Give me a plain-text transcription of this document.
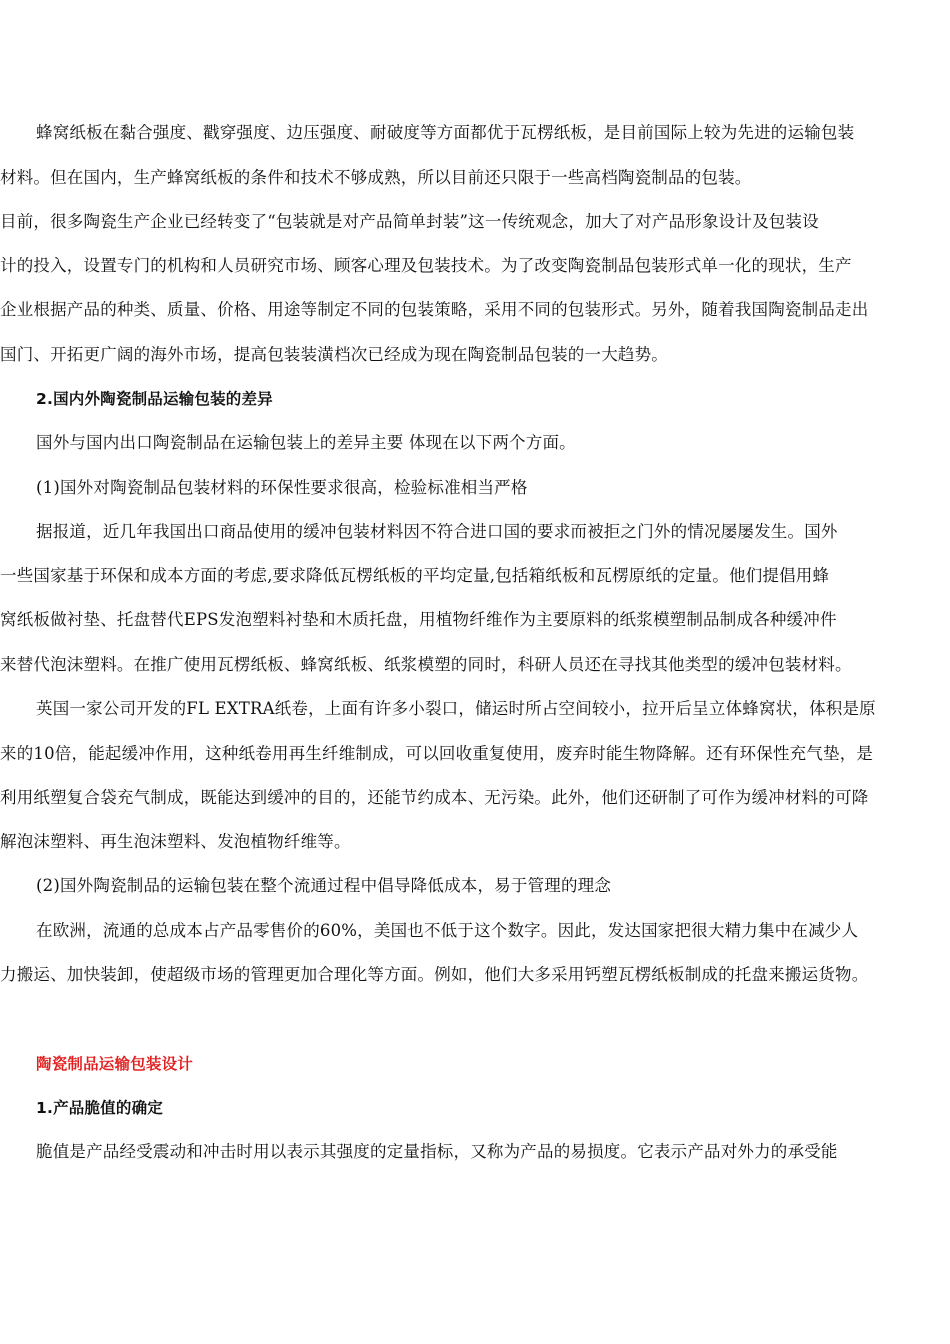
蜂窝纸板在黏合强度、戳穿强度、边压强度、耐破度等方面都优于瓦楞纸板，是目前国际上较为先进的运输包装
材料。但在国内，生产蜂窝纸板的条件和技术不够成熟，所以目前还只限于一些高档陶瓷制品的包装。
目前，很多陶瓷生产企业已经转变了“包装就是对产品简单封装”这一传统观念，加大了对产品形象设计及包装设
计的投入，设置专门的机构和人员研究市场、顾客心理及包装技术。为了改变陶瓷制品包装形式单一化的现状，生产
企业根据产品的种类、质量、价格、用途等制定不同的包装策略，采用不同的包装形式。另外，随着我国陶瓷制品走出
国门、开拓更广阔的海外市场，提高包装装潢档次已经成为现在陶瓷制品包装的一大趋势。
2.国内外陶瓷制品运输包装的差异
国外与国内出口陶瓷制品在运输包装上的差异主要 体现在以下两个方面。
(1)国外对陶瓷制品包装材料的环保性要求很高，检验标准相当严格
据报道，近几年我国出口商品使用的缓冲包装材料因不符合进口国的要求而被拒之门外的情况屡屡发生。国外
一些国家基于环保和成本方面的考虑,要求降低瓦楞纸板的平均定量,包括箱纸板和瓦楞原纸的定量。他们提倡用蜂
窝纸板做衬垫、托盘替代EPS发泡塑料衬垫和木质托盘，用植物纤维作为主要原料的纸浆模塑制品制成各种缓冲件
来替代泡沫塑料。在推广使用瓦楞纸板、蜂窝纸板、纸浆模塑的同时，科研人员还在寻找其他类型的缓冲包装材料。
英国一家公司开发的FL EXTRA纸卷，上面有许多小裂口，储运时所占空间较小，拉开后呈立体蜂窝状，体积是原
来的10倍，能起缓冲作用，这种纸卷用再生纤维制成，可以回收重复使用，废弃时能生物降解。还有环保性充气垫，是
利用纸塑复合袋充气制成，既能达到缓冲的目的，还能节约成本、无污染。此外，他们还研制了可作为缓冲材料的可降
解泡沫塑料、再生泡沫塑料、发泡植物纤维等。
(2)国外陶瓷制品的运输包装在整个流通过程中倡导降低成本，易于管理的理念
在欧洲，流通的总成本占产品零售价的60%，美国也不低于这个数字。因此，发达国家把很大精力集中在减少人
力搬运、加快装卸，使超级市场的管理更加合理化等方面。例如，他们大多采用钙塑瓦楞纸板制成的托盘来搬运货物。
陶瓷制品运输包装设计
1.产品脆值的确定
脆值是产品经受震动和冲击时用以表示其强度的定量指标，又称为产品的易损度。它表示产品对外力的承受能
